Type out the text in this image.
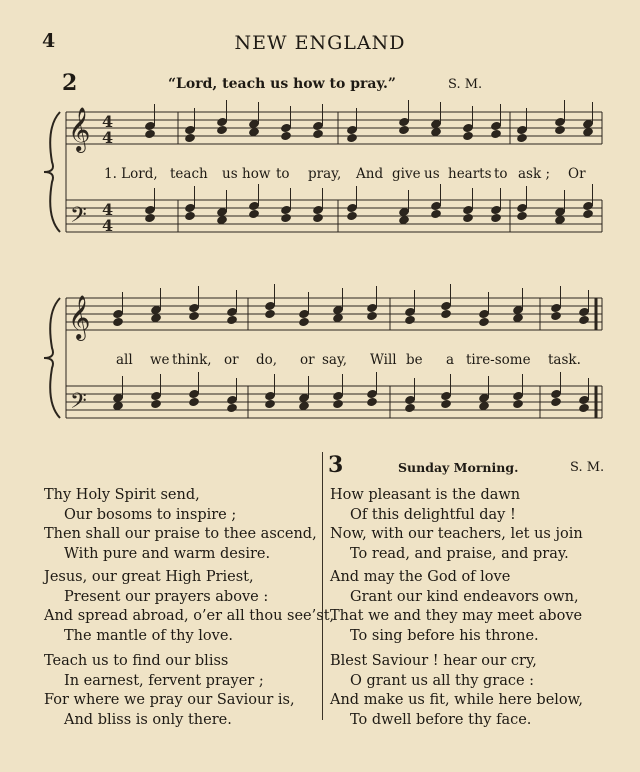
4	NEW ENGLAND
2	“Lord, teach us how to pray.”	S. M.
𝄞
𝄞
𝄢
𝄢
4
4
4
4
1. Lord, teach us how to pray, And give us hearts to ask ; Or
all we think, or do, or say, Will be a tire-some task.
Thy Holy Spirit send,
Our bosoms to inspire ;
Then shall our praise to thee ascend,
With pure and warm desire.
Jesus, our great High Priest,
Present our prayers above :
And spread abroad, o’er all thou see’st,
The mantle of thy love.
Teach us to find our bliss
In earnest, fervent prayer ;
For where we pray our Saviour is,
And bliss is only there.
3	Sunday Morning.	S. M.
How pleasant is the dawn
Of this delightful day !
Now, with our teachers, let us join
To read, and praise, and pray.
And may the God of love
Grant our kind endeavors own,
That we and they may meet above
To sing before his throne.
Blest Saviour ! hear our cry,
O grant us all thy grace :
And make us fit, while here below,
To dwell before thy face.
